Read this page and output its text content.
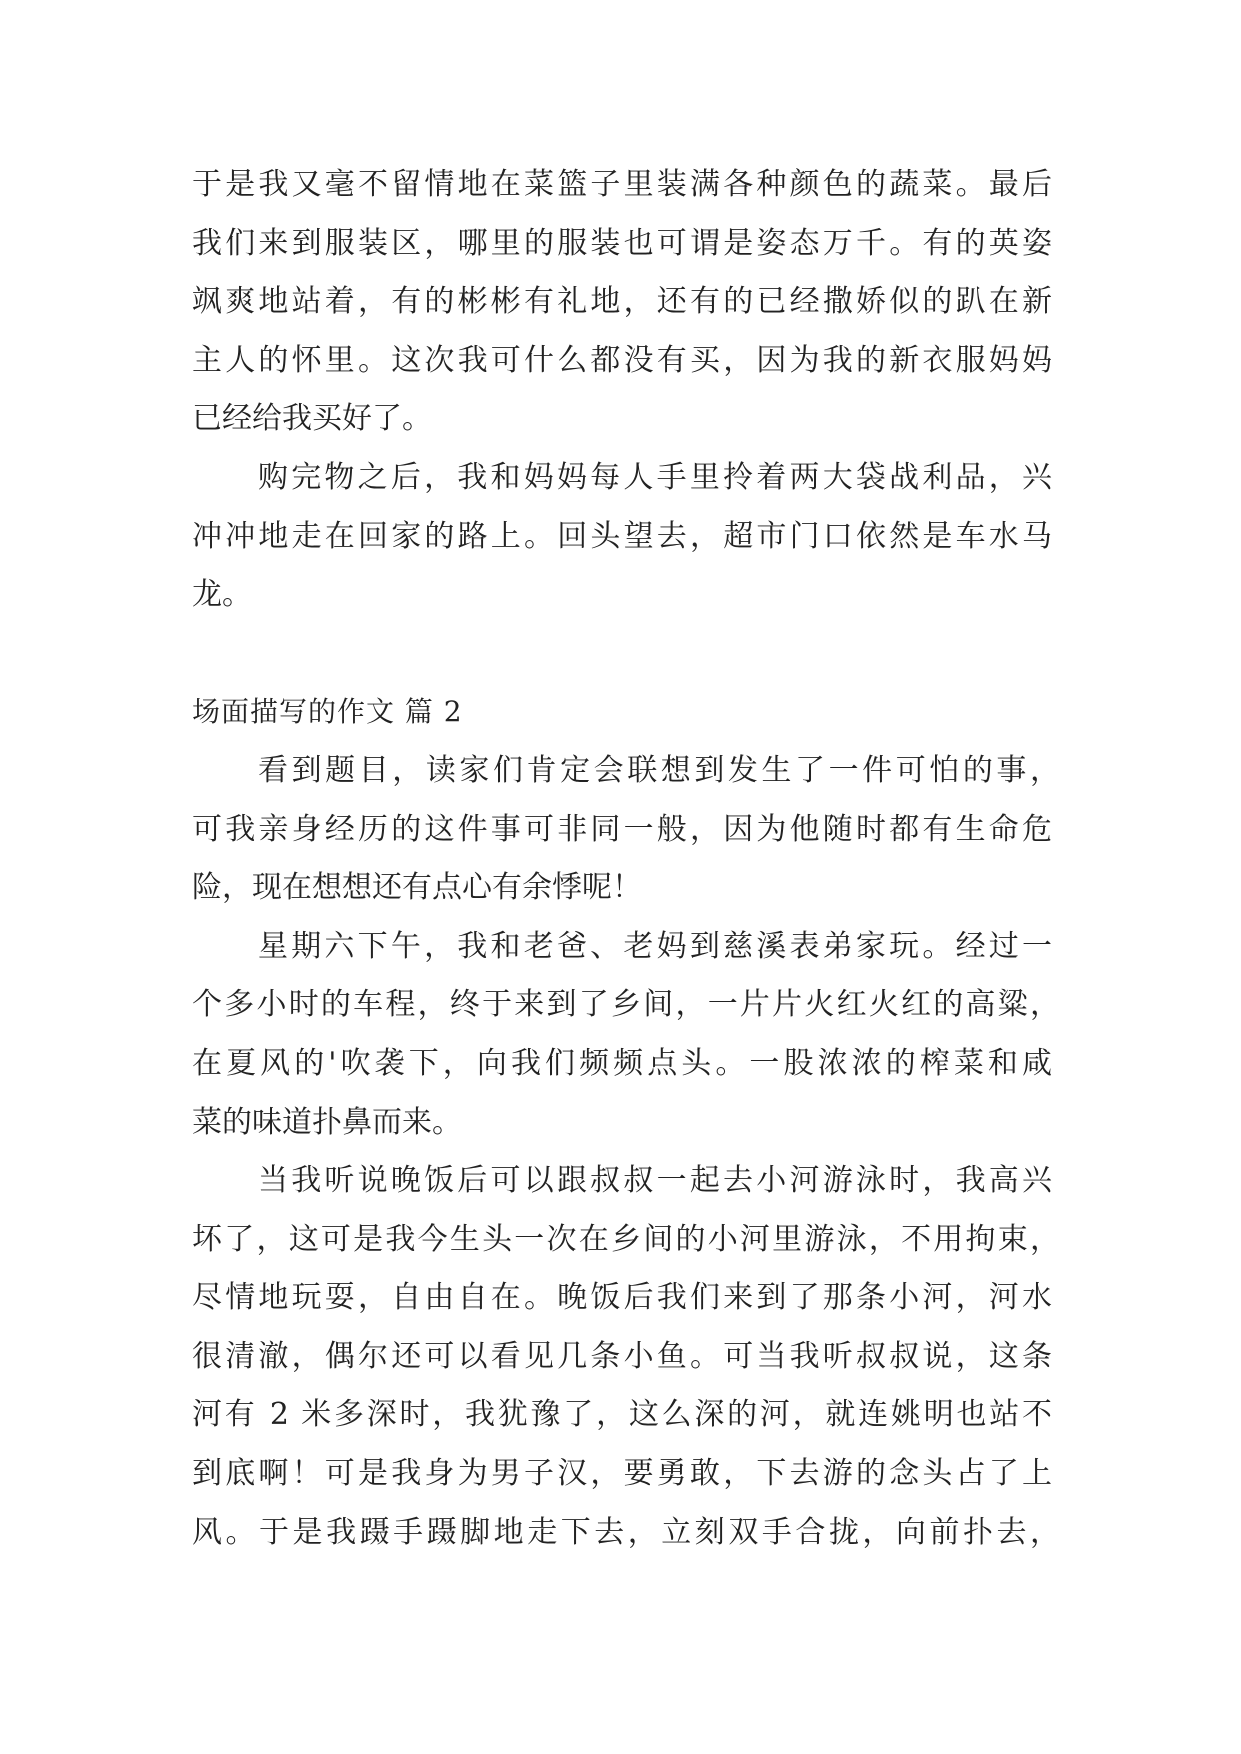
于是我又毫不留情地在菜篮子里装满各种颜色的蔬菜。最后
我们来到服装区，哪里的服装也可谓是姿态万千。有的英姿
飒爽地站着，有的彬彬有礼地，还有的已经撒娇似的趴在新
主人的怀里。这次我可什么都没有买，因为我的新衣服妈妈
已经给我买好了。
购完物之后，我和妈妈每人手里拎着两大袋战利品，兴
冲冲地走在回家的路上。回头望去，超市门口依然是车水马
龙。
场面描写的作文 篇 2
看到题目，读家们肯定会联想到发生了一件可怕的事，
可我亲身经历的这件事可非同一般，因为他随时都有生命危
险，现在想想还有点心有余悸呢！
星期六下午，我和老爸、老妈到慈溪表弟家玩。经过一
个多小时的车程，终于来到了乡间，一片片火红火红的高粱，
在夏风的'吹袭下，向我们频频点头。一股浓浓的榨菜和咸
菜的味道扑鼻而来。
当我听说晚饭后可以跟叔叔一起去小河游泳时，我高兴
坏了，这可是我今生头一次在乡间的小河里游泳，不用拘束，
尽情地玩耍，自由自在。晚饭后我们来到了那条小河，河水
很清澈，偶尔还可以看见几条小鱼。可当我听叔叔说，这条
河有 2 米多深时，我犹豫了，这么深的河，就连姚明也站不
到底啊！可是我身为男子汉，要勇敢，下去游的念头占了上
风。于是我蹑手蹑脚地走下去，立刻双手合拢，向前扑去，
